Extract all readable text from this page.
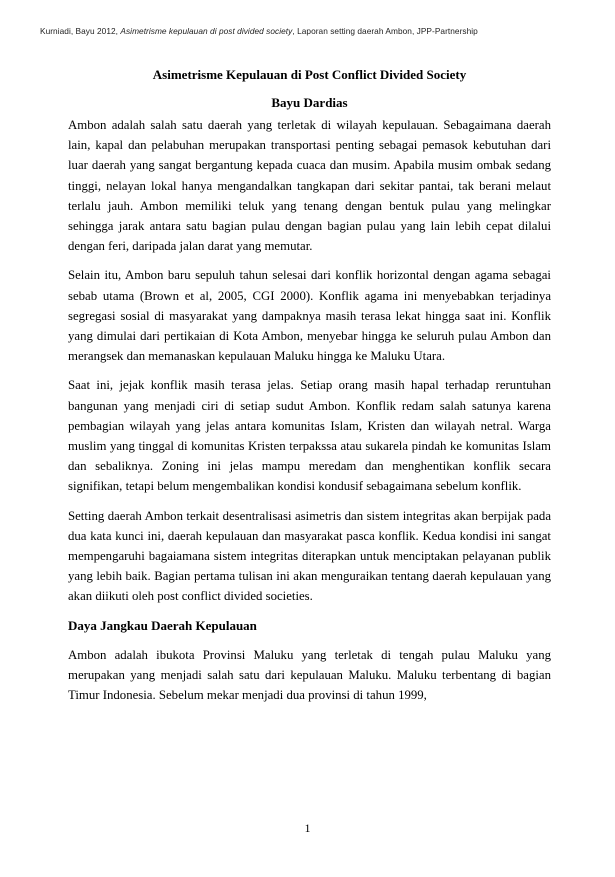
Kurniadi, Bayu 2012, Asimetrisme kepulauan di post divided society, Laporan setting daerah Ambon, JPP-Partnership
Asimetrisme Kepulauan di Post Conflict Divided Society
Bayu Dardias

Ambon adalah salah satu daerah yang terletak di wilayah kepulauan. Sebagaimana daerah lain, kapal dan pelabuhan merupakan transportasi penting sebagai pemasok kebutuhan dari luar daerah yang sangat bergantung kepada cuaca dan musim. Apabila musim ombak sedang tinggi, nelayan lokal hanya mengandalkan tangkapan dari sekitar pantai, tak berani melaut terlalu jauh. Ambon memiliki teluk yang tenang dengan bentuk pulau yang melingkar sehingga jarak antara satu bagian pulau dengan bagian pulau yang lain lebih cepat dilalui dengan feri, daripada jalan darat yang memutar.

Selain itu, Ambon baru sepuluh tahun selesai dari konflik horizontal dengan agama sebagai sebab utama (Brown et al, 2005, CGI 2000). Konflik agama ini menyebabkan terjadinya segregasi sosial di masyarakat yang dampaknya masih terasa lekat hingga saat ini. Konflik yang dimulai dari pertikaian di Kota Ambon, menyebar hingga ke seluruh pulau Ambon dan merangsek dan memanaskan kepulauan Maluku hingga ke Maluku Utara.

Saat ini, jejak konflik masih terasa jelas. Setiap orang masih hapal terhadap reruntuhan bangunan yang menjadi ciri di setiap sudut Ambon. Konflik redam salah satunya karena pembagian wilayah yang jelas antara komunitas Islam, Kristen dan wilayah netral. Warga muslim yang tinggal di komunitas Kristen terpakssa atau sukarela pindah ke komunitas Islam dan sebaliknya. Zoning ini jelas mampu meredam dan menghentikan konflik secara signifikan, tetapi belum mengembalikan kondisi kondusif sebagaimana sebelum konflik.

Setting daerah Ambon terkait desentralisasi asimetris dan sistem integritas akan berpijak pada dua kata kunci ini, daerah kepulauan dan masyarakat pasca konflik. Kedua kondisi ini sangat mempengaruhi bagaiamana sistem integritas diterapkan untuk menciptakan pelayanan publik yang lebih baik. Bagian pertama tulisan ini akan menguraikan tentang daerah kepulauan yang akan diikuti oleh post conflict divided societies.

Daya Jangkau Daerah Kepulauan

Ambon adalah ibukota Provinsi Maluku yang terletak di tengah pulau Maluku yang merupakan yang menjadi salah satu dari kepulauan Maluku. Maluku terbentang di bagian Timur Indonesia. Sebelum mekar menjadi dua provinsi di tahun 1999,

1
